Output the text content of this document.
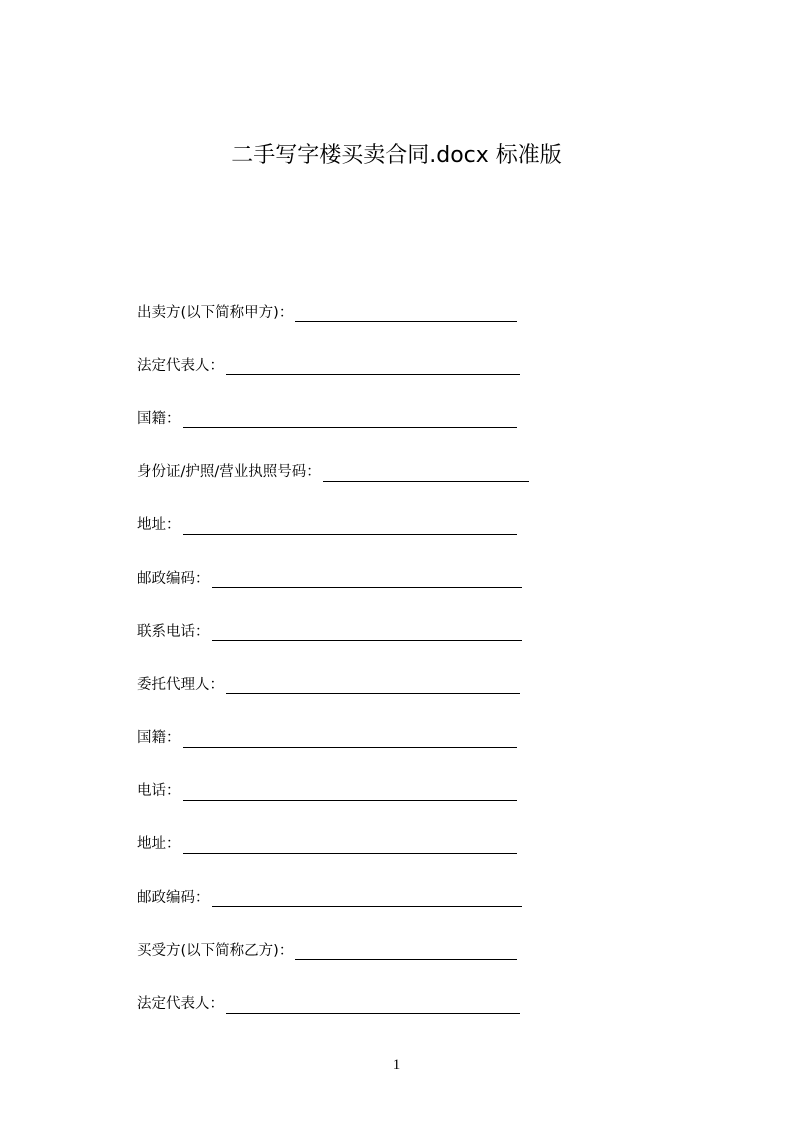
二手写字楼买卖合同.docx 标准版
出卖方(以下简称甲方)：
法定代表人：
国籍：
身份证/护照/营业执照号码：
地址：
邮政编码：
联系电话：
委托代理人：
国籍：
电话：
地址：
邮政编码：
买受方(以下简称乙方)：
法定代表人：
1
